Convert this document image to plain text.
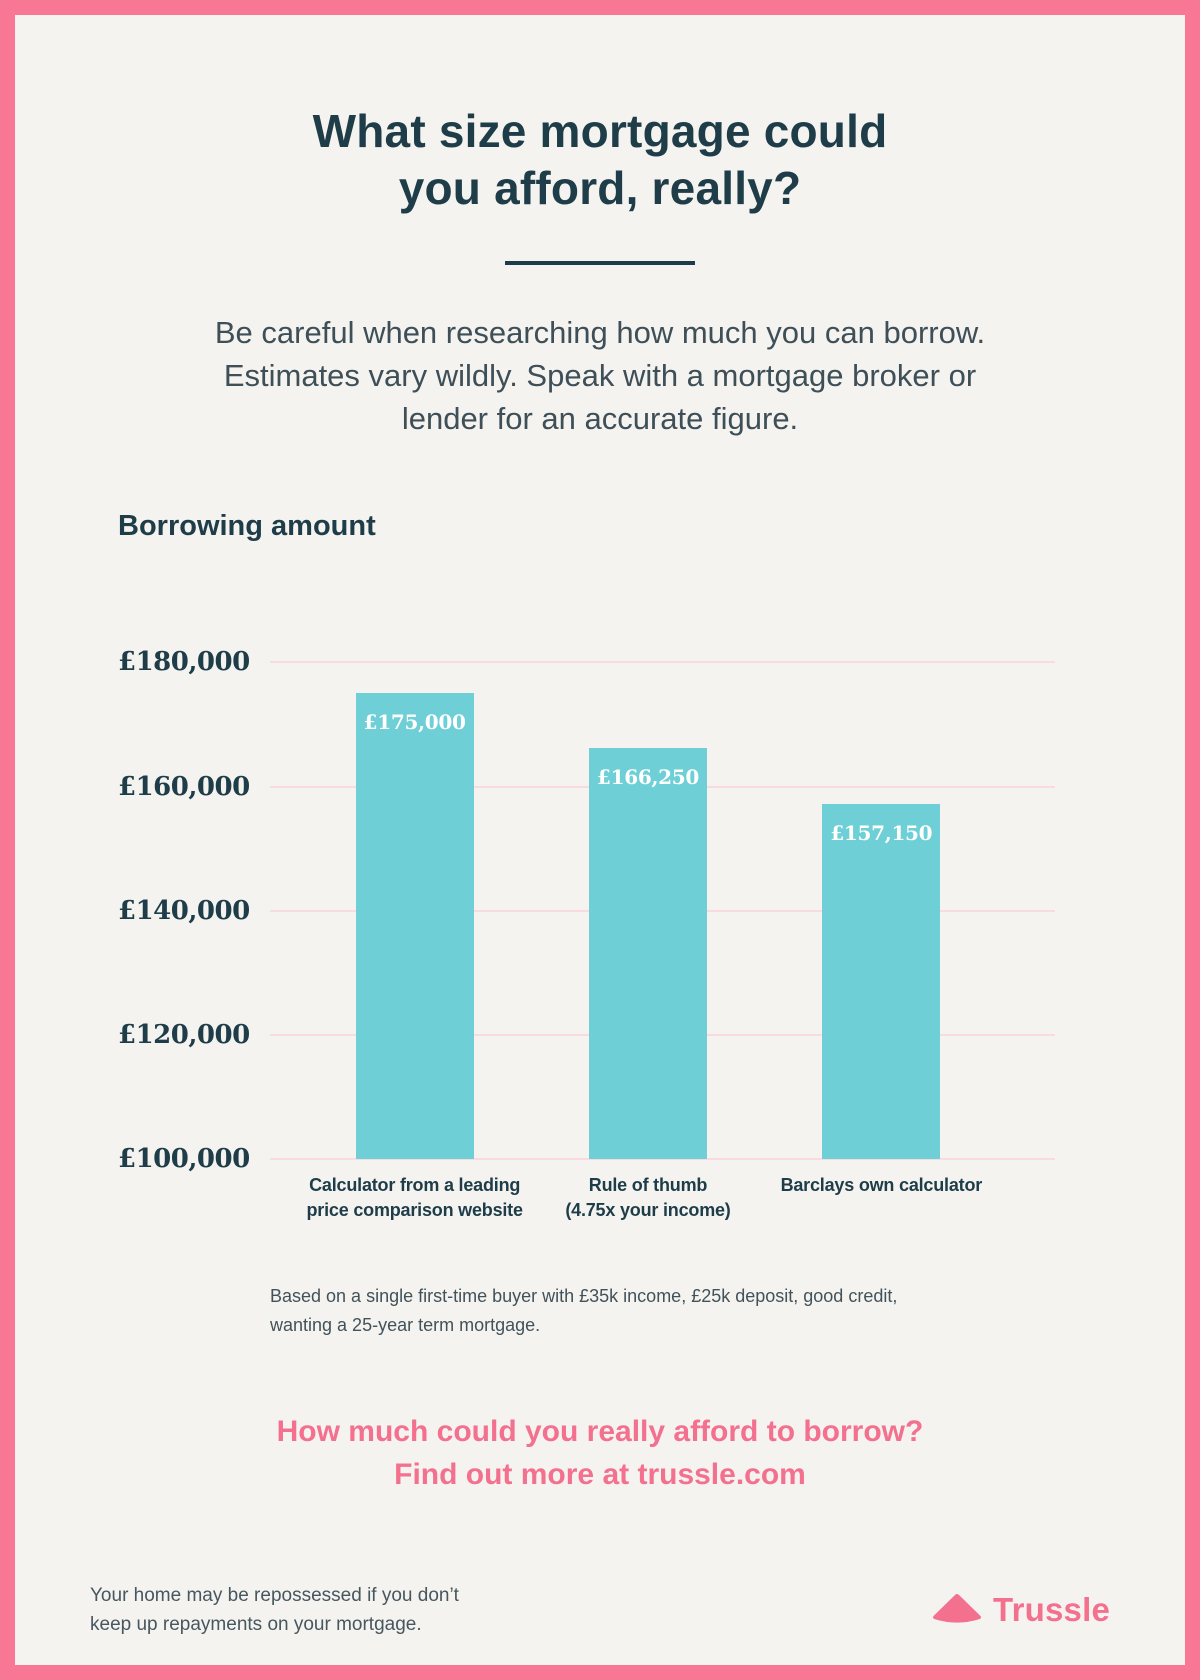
What size mortgage could
you afford, really?
Be careful when researching how much you can borrow.
Estimates vary wildly. Speak with a mortgage broker or
lender for an accurate figure.
Borrowing amount
£180,000
£160,000
£140,000
£120,000
£100,000
£175,000
Calculator from a leading
price comparison website
£166,250
Rule of thumb
(4.75x your income)
£157,150
Barclays own calculator
Based on a single first-time buyer with £35k income, £25k deposit, good credit,
wanting a 25-year term mortgage.
How much could you really afford to borrow?
Find out more at trussle.com
Your home may be repossessed if you don’t
keep up repayments on your mortgage.	Trussle
